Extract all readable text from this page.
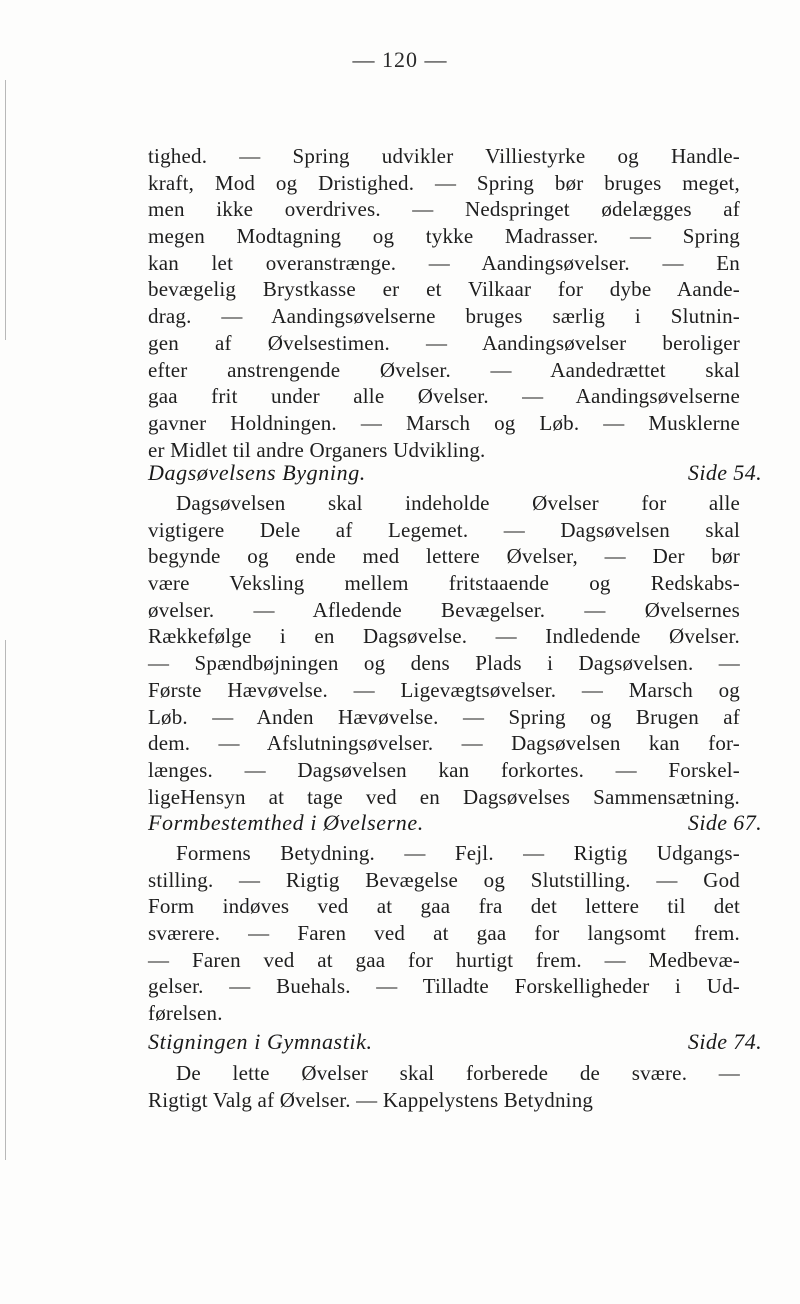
— 120 —
tighed. — Spring udvikler Villiestyrke og Handle-
kraft, Mod og Dristighed. — Spring bør bruges meget,
men ikke overdrives. — Nedspringet ødelægges af
megen Modtagning og tykke Madrasser. — Spring
kan let overanstrænge. — Aandingsøvelser. — En
bevægelig Brystkasse er et Vilkaar for dybe Aande-
drag. — Aandingsøvelserne bruges særlig i Slutnin-
gen af Øvelsestimen. — Aandingsøvelser beroliger
efter anstrengende Øvelser. — Aandedrættet skal
gaa frit under alle Øvelser. — Aandingsøvelserne
gavner Holdningen. — Marsch og Løb. — Musklerne
er Midlet til andre Organers Udvikling.
Dagsøvelsens Bygning.	Side 54.
Dagsøvelsen skal indeholde Øvelser for alle
vigtigere Dele af Legemet. — Dagsøvelsen skal
begynde og ende med lettere Øvelser, — Der bør
være Veksling mellem fritstaaende og Redskabs-
øvelser. — Afledende Bevægelser. — Øvelsernes
Rækkefølge i en Dagsøvelse. — Indledende Øvelser.
— Spændbøjningen og dens Plads i Dagsøvelsen. —
Første Hævøvelse. — Ligevægtsøvelser. — Marsch og
Løb. — Anden Hævøvelse. — Spring og Brugen af
dem. — Afslutningsøvelser. — Dagsøvelsen kan for-
længes. — Dagsøvelsen kan forkortes. — Forskel-
ligeHensyn at tage ved en Dagsøvelses Sammensætning.
Formbestemthed i Øvelserne.	Side 67.
Formens Betydning. — Fejl. — Rigtig Udgangs-
stilling. — Rigtig Bevægelse og Slutstilling. — God
Form indøves ved at gaa fra det lettere til det
sværere. — Faren ved at gaa for langsomt frem.
— Faren ved at gaa for hurtigt frem. — Medbevæ-
gelser. — Buehals. — Tilladte Forskelligheder i Ud-
førelsen.
Stigningen i Gymnastik.	Side 74.
De lette Øvelser skal forberede de svære. —
Rigtigt Valg af Øvelser. — Kappelystens Betydning
